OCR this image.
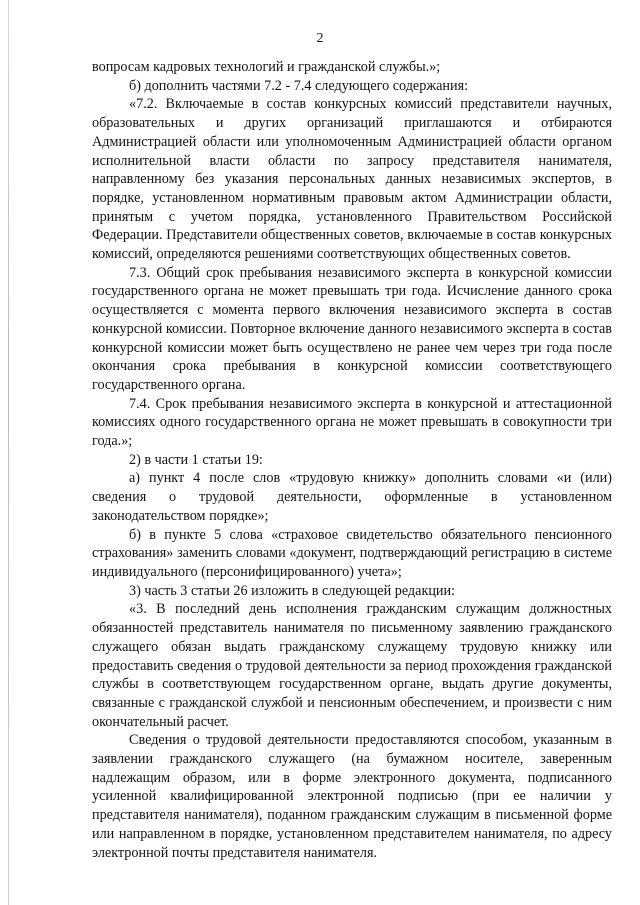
2

вопросам кадровых технологий и гражданской службы.»;

б) дополнить частями 7.2 - 7.4 следующего содержания:

«7.2. Включаемые в состав конкурсных комиссий представители научных, образовательных и других организаций приглашаются и отбираются Администрацией области или уполномоченным Администрацией области органом исполнительной власти области по запросу представителя нанимателя, направленному без указания персональных данных независимых экспертов, в порядке, установленном нормативным правовым актом Администрации области, принятым с учетом порядка, установленного Правительством Российской Федерации. Представители общественных советов, включаемые в состав конкурсных комиссий, определяются решениями соответствующих общественных советов.

7.3. Общий срок пребывания независимого эксперта в конкурсной комиссии государственного органа не может превышать три года. Исчисление данного срока осуществляется с момента первого включения независимого эксперта в состав конкурсной комиссии. Повторное включение данного независимого эксперта в состав конкурсной комиссии может быть осуществлено не ранее чем через три года после окончания срока пребывания в конкурсной комиссии соответствующего государственного органа.

7.4. Срок пребывания независимого эксперта в конкурсной и аттестационной комиссиях одного государственного органа не может превышать в совокупности три года.»;

2) в части 1 статьи 19:

а) пункт 4 после слов «трудовую книжку» дополнить словами «и (или) сведения о трудовой деятельности, оформленные в установленном законодательством порядке»;

б) в пункте 5 слова «страховое свидетельство обязательного пенсионного страхования» заменить словами «документ, подтверждающий регистрацию в системе индивидуального (персонифицированного) учета»;

3) часть 3 статьи 26 изложить в следующей редакции:

«3. В последний день исполнения гражданским служащим должностных обязанностей представитель нанимателя по письменному заявлению гражданского служащего обязан выдать гражданскому служащему трудовую книжку или предоставить сведения о трудовой деятельности за период прохождения гражданской службы в соответствующем государственном органе, выдать другие документы, связанные с гражданской службой и пенсионным обеспечением, и произвести с ним окончательный расчет.

Сведения о трудовой деятельности предоставляются способом, указанным в заявлении гражданского служащего (на бумажном носителе, заверенным надлежащим образом, или в форме электронного документа, подписанного усиленной квалифицированной электронной подписью (при ее наличии у представителя нанимателя), поданном гражданским служащим в письменной форме или направленном в порядке, установленном представителем нанимателя, по адресу электронной почты представителя нанимателя.
